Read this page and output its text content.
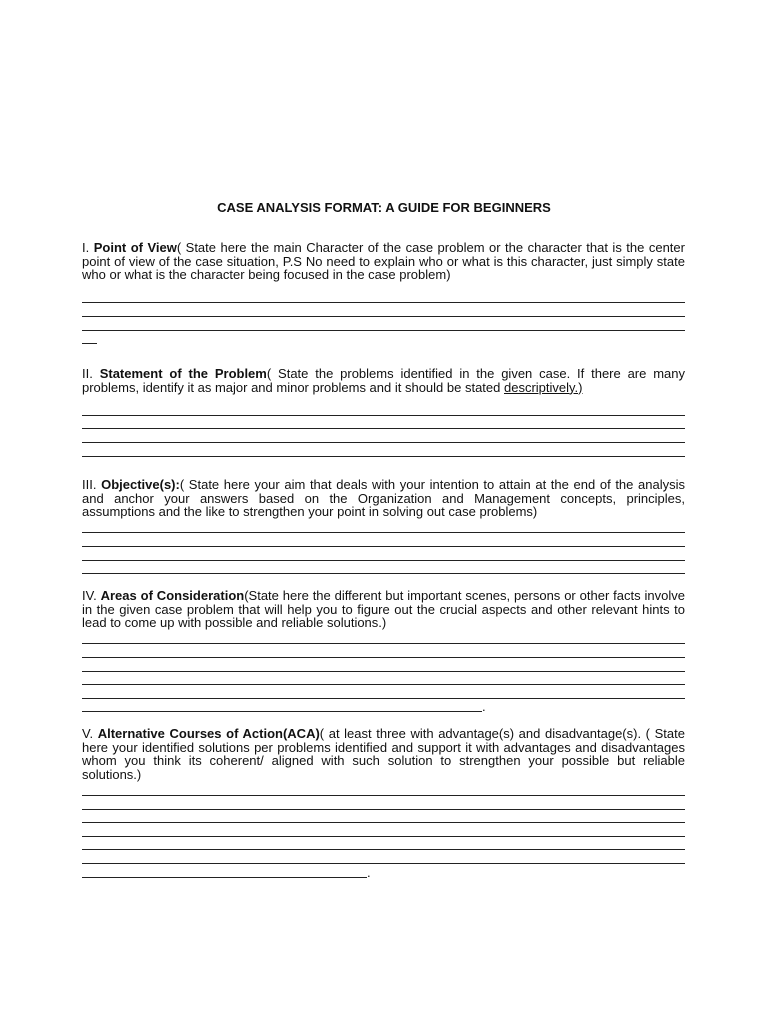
CASE ANALYSIS FORMAT: A GUIDE FOR BEGINNERS

I. Point of View( State here the main Character of the case problem or the character that is the center point of view of the case situation, P.S No need to explain who or what is this character, just simply state who or what is the character being focused in the case problem)

II. Statement of the Problem( State the problems identified in the given case. If there are many problems, identify it as major and minor problems and it should be stated descriptively.)

III. Objective(s):( State here your aim that deals with your intention to attain at the end of the analysis and anchor your answers based on the Organization and Management concepts, principles, assumptions and the like to strengthen your point in solving out case problems)

IV. Areas of Consideration(State here the different but important scenes, persons or other facts involve in the given case problem that will help you to figure out the crucial aspects and other relevant hints to lead to come up with possible and reliable solutions.)

.

V. Alternative Courses of Action(ACA)( at least three with advantage(s) and disadvantage(s). ( State here your identified solutions per problems identified and support it with advantages and disadvantages whom you think its coherent/ aligned with such solution to strengthen your possible but reliable solutions.)

.
